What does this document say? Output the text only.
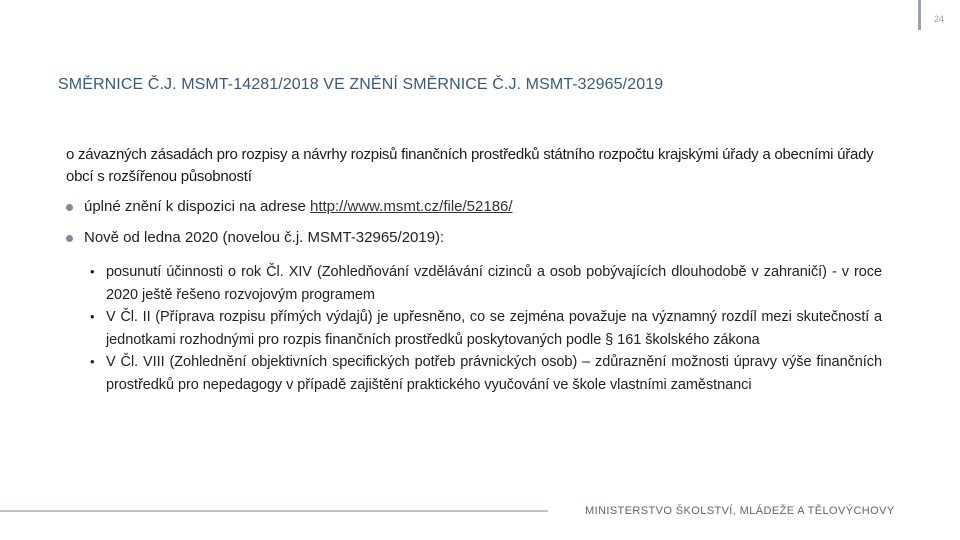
24
SMĚRNICE Č.J. MSMT-14281/2018 VE ZNĚNÍ SMĚRNICE Č.J. MSMT-32965/2019
o závazných zásadách pro rozpisy a návrhy rozpisů finančních prostředků státního rozpočtu krajskými úřady a obecními úřady obcí s rozšířenou působností
úplné znění k dispozici na adrese http://www.msmt.cz/file/52186/
Nově od ledna 2020 (novelou č.j. MSMT-32965/2019):
• posunutí účinnosti o rok Čl. XIV (Zohledňování vzdělávání cizinců a osob pobývajících dlouhodobě v zahraničí) - v roce 2020 ještě řešeno rozvojovým programem
• V Čl. II (Příprava rozpisu přímých výdajů) je upřesněno, co se zejména považuje na významný rozdíl mezi skutečností a jednotkami rozhodnými pro rozpis finančních prostředků poskytovaných podle § 161 školského zákona
• V Čl. VIII (Zohlednění objektivních specifických potřeb právnických osob) – zdůraznění možnosti úpravy výše finančních prostředků pro nepedagogy v případě zajištění praktického vyučování ve škole vlastními zaměstnanci
MINISTERSTVO ŠKOLSTVÍ, MLÁDEŽE A TĚLOVÝCHOVY
